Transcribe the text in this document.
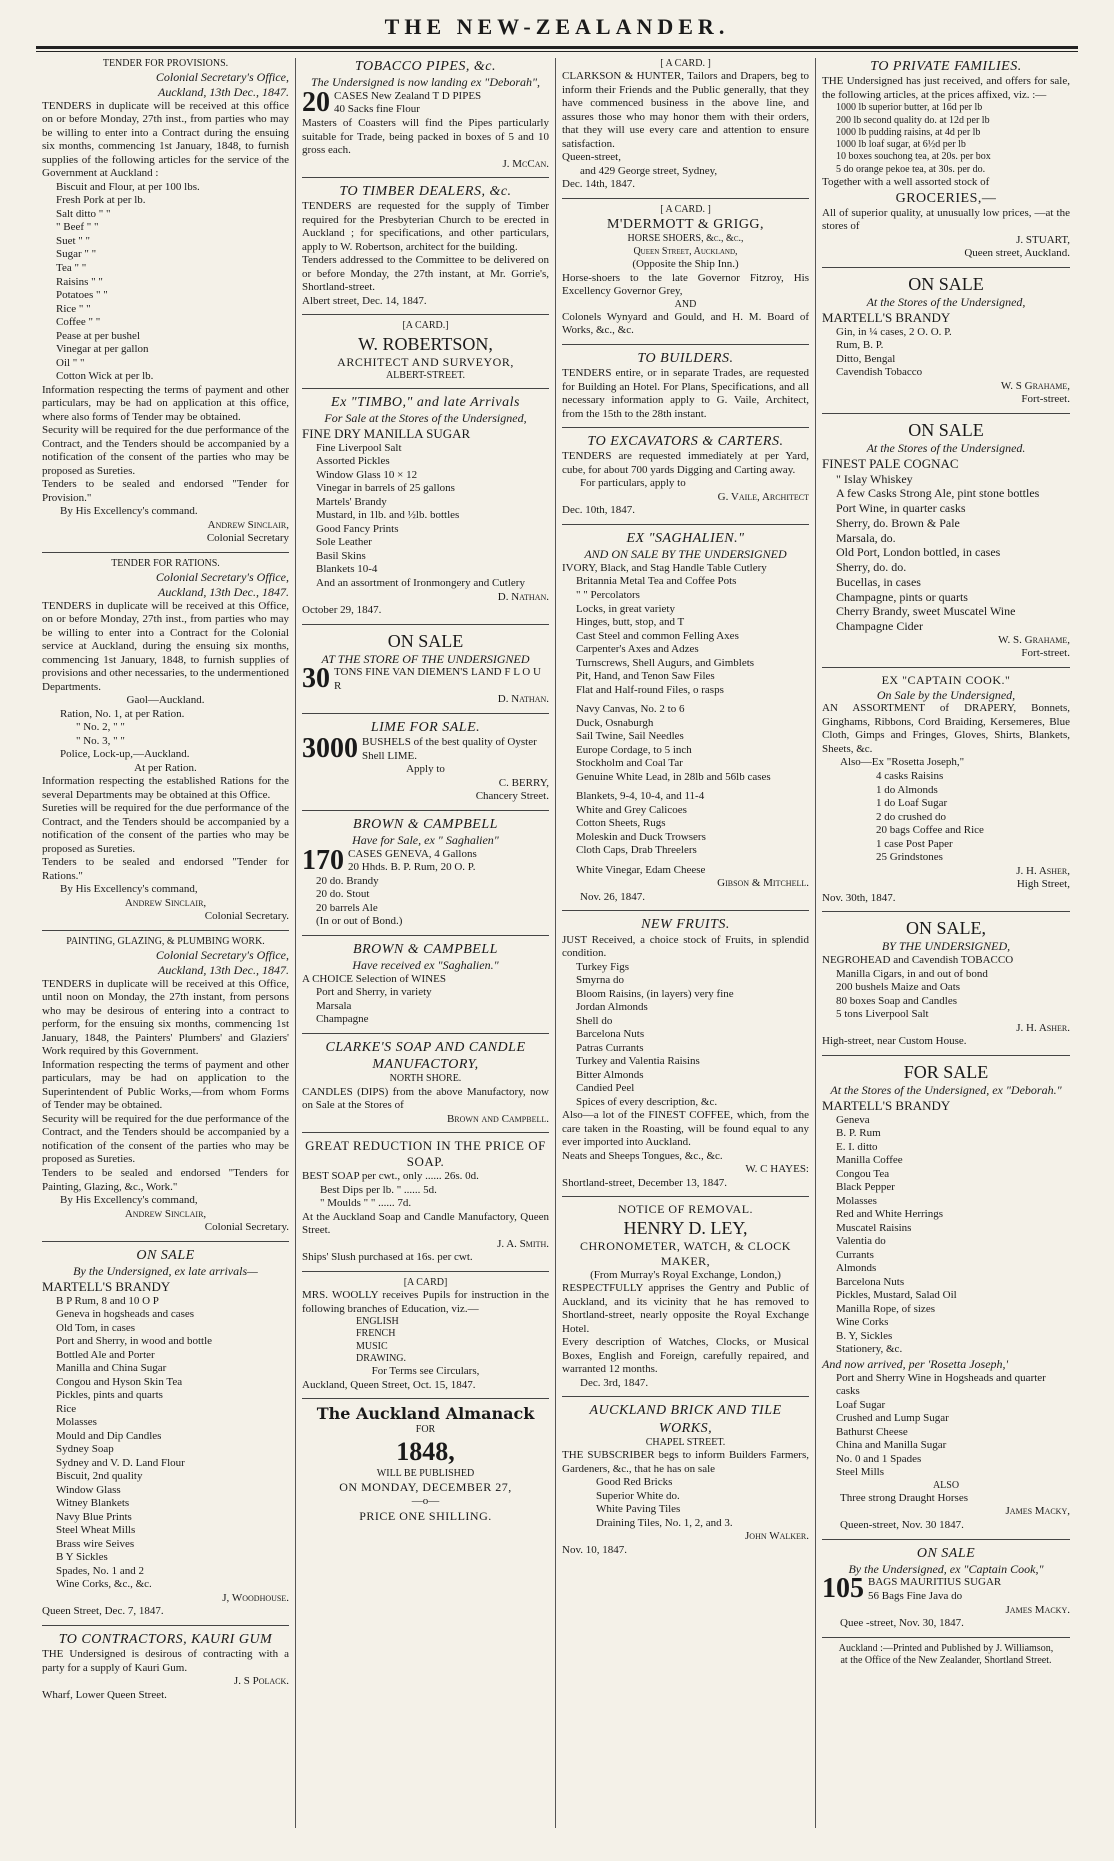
THE NEW-ZEALANDER.
TENDER FOR PROVISIONS.
Colonial Secretary's Office,
Auckland, 13th Dec., 1847.
TENDERS in duplicate will be received at this office on or before Monday, 27th inst., from parties who may be willing to enter into a Contract during the ensuing six months, commencing 1st January, 1848, to furnish supplies of the following articles for the service of the Government at Auckland :
Biscuit and Flour, at per 100 lbs.
Fresh Pork at per lb.
Salt ditto " "
" Beef " "
Suet " "
Sugar " "
Tea " "
Raisins " "
Potatoes " "
Rice " "
Coffee " "
Pease at per bushel
Vinegar at per gallon
Oil " "
Cotton Wick at per lb.
Information respecting the terms of payment and other particulars, may be had on application at this office, where also forms of Tender may be obtained.
Security will be required for the due performance of the Contract, and the Tenders should be accompanied by a notification of the consent of the parties who may be proposed as Sureties.
Tenders to be sealed and endorsed "Tender for Provision."
By His Excellency's command.
Andrew Sinclair,
Colonial Secretary
TENDER FOR RATIONS.
Colonial Secretary's Office,
Auckland, 13th Dec., 1847.
TENDERS in duplicate will be received at this Office, on or before Monday, 27th inst., from parties who may be willing to enter into a Contract for the Colonial service at Auckland, during the ensuing six months, commencing 1st January, 1848, to furnish supplies of provisions and other necessaries, to the undermentioned Departments.
Gaol—Auckland.
Ration, No. 1, at per Ration.
" No. 2, " "
" No. 3, " "
Police, Lock-up,—Auckland.
At per Ration.
Information respecting the established Rations for the several Departments may be obtained at this Office.
Sureties will be required for the due performance of the Contract, and the Tenders should be accompanied by a notification of the consent of the parties who may be proposed as Sureties.
Tenders to be sealed and endorsed "Tender for Rations."
By His Excellency's command,
Andrew Sinclair,
Colonial Secretary.
PAINTING, GLAZING, & PLUMBING WORK.
Colonial Secretary's Office,
Auckland, 13th Dec., 1847.
TENDERS in duplicate will be received at this Office, until noon on Monday, the 27th instant, from persons who may be desirous of entering into a contract to perform, for the ensuing six months, commencing 1st January, 1848, the Painters' Plumbers' and Glaziers' Work required by this Government.
Information respecting the terms of payment and other particulars, may be had on application to the Superintendent of Public Works,—from whom Forms of Tender may be obtained.
Security will be required for the due performance of the Contract, and the Tenders should be accompanied by a notification of the consent of the parties who may be proposed as Sureties.
Tenders to be sealed and endorsed "Tenders for Painting, Glazing, &c., Work."
By His Excellency's command,
Andrew Sinclair,
Colonial Secretary.
ON SALE
By the Undersigned, ex late arrivals—
MARTELL'S BRANDY
B P Rum, 8 and 10 O P
Geneva in hogsheads and cases
Old Tom, in cases
Port and Sherry, in wood and bottle
Bottled Ale and Porter
Manilla and China Sugar
Congou and Hyson Skin Tea
Pickles, pints and quarts
Rice
Molasses
Mould and Dip Candles
Sydney Soap
Sydney and V. D. Land Flour
Biscuit, 2nd quality
Window Glass
Witney Blankets
Navy Blue Prints
Steel Wheat Mills
Brass wire Seives
B Y Sickles
Spades, No. 1 and 2
Wine Corks, &c., &c.
J, Woodhouse.
Queen Street, Dec. 7, 1847.
TO CONTRACTORS, KAURI GUM
THE Undersigned is desirous of contracting with a party for a supply of Kauri Gum.
J. S Polack.
Wharf, Lower Queen Street.
TOBACCO PIPES, &c.
The Undersigned is now landing ex "Deborah",
20 CASES New Zealand T D PIPES
40 Sacks fine Flour
Masters of Coasters will find the Pipes particularly suitable for Trade, being packed in boxes of 5 and 10 gross each.
J. McCan.
TO TIMBER DEALERS, &c.
TENDERS are requested for the supply of Timber required for the Presbyterian Church to be erected in Auckland ; for specifications, and other particulars, apply to W. Robertson, architect for the building.
Tenders addressed to the Committee to be delivered on or before Monday, the 27th instant, at Mr. Gorrie's, Shortland-street.
Albert street, Dec. 14, 1847.
[A CARD.]
W. ROBERTSON,
ARCHITECT AND SURVEYOR,
ALBERT-STREET.
Ex "TIMBO," and late Arrivals
For Sale at the Stores of the Undersigned,
FINE DRY MANILLA SUGAR
Fine Liverpool Salt
Assorted Pickles
Window Glass 10 × 12
Vinegar in barrels of 25 gallons
Martels' Brandy
Mustard, in 1lb. and ½lb. bottles
Good Fancy Prints
Sole Leather
Basil Skins
Blankets 10-4
And an assortment of Ironmongery and Cutlery
D. Nathan.
October 29, 1847.
ON SALE
AT THE STORE OF THE UNDERSIGNED
30 TONS FINE VAN DIEMEN'S LAND F L O U R
D. Nathan.
LIME FOR SALE.
3000 BUSHELS of the best quality of Oyster Shell LIME.
Apply to
C. BERRY,
Chancery Street.
BROWN & CAMPBELL
Have for Sale, ex " Saghalien"
170 CASES GENEVA, 4 Gallons
20 Hhds. B. P. Rum, 20 O. P.
20 do. Brandy
20 do. Stout
20 barrels Ale
(In or out of Bond.)
BROWN & CAMPBELL
Have received ex "Saghalien."
A CHOICE Selection of WINES
Port and Sherry, in variety
Marsala
Champagne
CLARKE'S SOAP AND CANDLE MANUFACTORY,
NORTH SHORE.
CANDLES (DIPS) from the above Manufactory, now on Sale at the Stores of
Brown and Campbell.
GREAT REDUCTION IN THE PRICE OF SOAP.
BEST SOAP per cwt., only ...... 26s. 0d.
Best Dips per lb. " ...... 5d.
" Moulds " " ...... 7d.
At the Auckland Soap and Candle Manufactory, Queen Street.
J. A. Smith.
Ships' Slush purchased at 16s. per cwt.
[A CARD]
MRS. WOOLLY receives Pupils for instruction in the following branches of Education, viz.—
ENGLISH
FRENCH
MUSIC
DRAWING.
For Terms see Circulars,
Auckland, Queen Street, Oct. 15, 1847.
The Auckland Almanack
FOR
1848,
WILL BE PUBLISHED
ON MONDAY, DECEMBER 27,
—o—
PRICE ONE SHILLING.
[ A CARD. ]
CLARKSON & HUNTER, Tailors and Drapers, beg to inform their Friends and the Public generally, that they have commenced business in the above line, and assures those who may honor them with their orders, that they will use every care and attention to ensure satisfaction.
Queen-street,
and 429 George street, Sydney,
Dec. 14th, 1847.
[ A CARD. ]
M'DERMOTT & GRIGG,
HORSE SHOERS, &c., &c.,
Queen Street, Auckland,
(Opposite the Ship Inn.)
Horse-shoers to the late Governor Fitzroy, His Excellency Governor Grey,
AND
Colonels Wynyard and Gould, and H. M. Board of Works, &c., &c.
TO BUILDERS.
TENDERS entire, or in separate Trades, are requested for Building an Hotel. For Plans, Specifications, and all necessary information apply to G. Vaile, Architect, from the 15th to the 28th instant.
TO EXCAVATORS & CARTERS.
TENDERS are requested immediately at per Yard, cube, for about 700 yards Digging and Carting away.
For particulars, apply to
G. Vaile, Architect
Dec. 10th, 1847.
EX "SAGHALIEN."
AND ON SALE BY THE UNDERSIGNED
IVORY, Black, and Stag Handle Table Cutlery
Britannia Metal Tea and Coffee Pots
" " Percolators
Locks, in great variety
Hinges, butt, stop, and T
Cast Steel and common Felling Axes
Carpenter's Axes and Adzes
Turnscrews, Shell Augurs, and Gimblets
Pit, Hand, and Tenon Saw Files
Flat and Half-round Files, o rasps
Navy Canvas, No. 2 to 6
Duck, Osnaburgh
Sail Twine, Sail Needles
Europe Cordage, to 5 inch
Stockholm and Coal Tar
Genuine White Lead, in 28lb and 56lb cases
Blankets, 9-4, 10-4, and 11-4
White and Grey Calicoes
Cotton Sheets, Rugs
Moleskin and Duck Trowsers
Cloth Caps, Drab Threelers
White Vinegar, Edam Cheese
Gibson & Mitchell.
Nov. 26, 1847.
NEW FRUITS.
JUST Received, a choice stock of Fruits, in splendid condition.
Turkey Figs
Smyrna do
Bloom Raisins, (in layers) very fine
Jordan Almonds
Shell do
Barcelona Nuts
Patras Currants
Turkey and Valentia Raisins
Bitter Almonds
Candied Peel
Spices of every description, &c.
Also—a lot of the FINEST COFFEE, which, from the care taken in the Roasting, will be found equal to any ever imported into Auckland.
Neats and Sheeps Tongues, &c., &c.
W. C HAYES:
Shortland-street, December 13, 1847.
NOTICE OF REMOVAL.
HENRY D. LEY,
CHRONOMETER, WATCH, & CLOCK MAKER,
(From Murray's Royal Exchange, London,)
RESPECTFULLY apprises the Gentry and Public of Auckland, and its vicinity that he has removed to Shortland-street, nearly opposite the Royal Exchange Hotel.
Every description of Watches, Clocks, or Musical Boxes, English and Foreign, carefully repaired, and warranted 12 months.
Dec. 3rd, 1847.
AUCKLAND BRICK AND TILE WORKS,
CHAPEL STREET.
THE SUBSCRIBER begs to inform Builders Farmers, Gardeners, &c., that he has on sale
Good Red Bricks
Superior White do.
White Paving Tiles
Draining Tiles, No. 1, 2, and 3.
John Walker.
Nov. 10, 1847.
TO PRIVATE FAMILIES.
THE Undersigned has just received, and offers for sale, the following articles, at the prices affixed, viz. :—
1000 lb superior butter, at 16d per lb
200 lb second quality do. at 12d per lb
1000 lb pudding raisins, at 4d per lb
1000 lb loaf sugar, at 6½d per lb
10 boxes souchong tea, at 20s. per box
5 do orange pekoe tea, at 30s. per do.
Together with a well assorted stock of
GROCERIES,—
All of superior quality, at unusually low prices, —at the stores of
J. STUART,
Queen street, Auckland.
ON SALE
At the Stores of the Undersigned,
MARTELL'S BRANDY
Gin, in ¼ cases, 2 O. O. P.
Rum, B. P.
Ditto, Bengal
Cavendish Tobacco
W. S Grahame,
Fort-street.
ON SALE
At the Stores of the Undersigned.
FINEST PALE COGNAC
" Islay Whiskey
A few Casks Strong Ale, pint stone bottles
Port Wine, in quarter casks
Sherry, do. Brown & Pale
Marsala, do.
Old Port, London bottled, in cases
Sherry, do. do.
Bucellas, in cases
Champagne, pints or quarts
Cherry Brandy, sweet Muscatel Wine
Champagne Cider
W. S. Grahame,
Fort-street.
EX "CAPTAIN COOK."
On Sale by the Undersigned,
AN ASSORTMENT of DRAPERY, Bonnets, Ginghams, Ribbons, Cord Braiding, Kersemeres, Blue Cloth, Gimps and Fringes, Gloves, Shirts, Blankets, Sheets, &c.
Also—Ex "Rosetta Joseph,"
4 casks Raisins
1 do Almonds
1 do Loaf Sugar
2 do crushed do
20 bags Coffee and Rice
1 case Post Paper
25 Grindstones
J. H. Asher,
High Street,
Nov. 30th, 1847.
ON SALE,
BY THE UNDERSIGNED,
NEGROHEAD and Cavendish TOBACCO
Manilla Cigars, in and out of bond
200 bushels Maize and Oats
80 boxes Soap and Candles
5 tons Liverpool Salt
J. H. Asher.
High-street, near Custom House.
FOR SALE
At the Stores of the Undersigned, ex "Deborah."
MARTELL'S BRANDY
Geneva
B. P. Rum
E. I. ditto
Manilla Coffee
Congou Tea
Black Pepper
Molasses
Red and White Herrings
Muscatel Raisins
Valentia do
Currants
Almonds
Barcelona Nuts
Pickles, Mustard, Salad Oil
Manilla Rope, of sizes
Wine Corks
B. Y, Sickles
Stationery, &c.
And now arrived, per 'Rosetta Joseph,'
Port and Sherry Wine in Hogsheads and quarter casks
Loaf Sugar
Crushed and Lump Sugar
Bathurst Cheese
China and Manilla Sugar
No. 0 and 1 Spades
Steel Mills
ALSO
Three strong Draught Horses
James Macky,
Queen-street, Nov. 30 1847.
ON SALE
By the Undersigned, ex "Captain Cook,"
105 BAGS MAURITIUS SUGAR
56 Bags Fine Java do
James Macky.
Quee -street, Nov. 30, 1847.
Auckland :—Printed and Published by J. Williamson,
at the Office of the New Zealander, Shortland Street.
